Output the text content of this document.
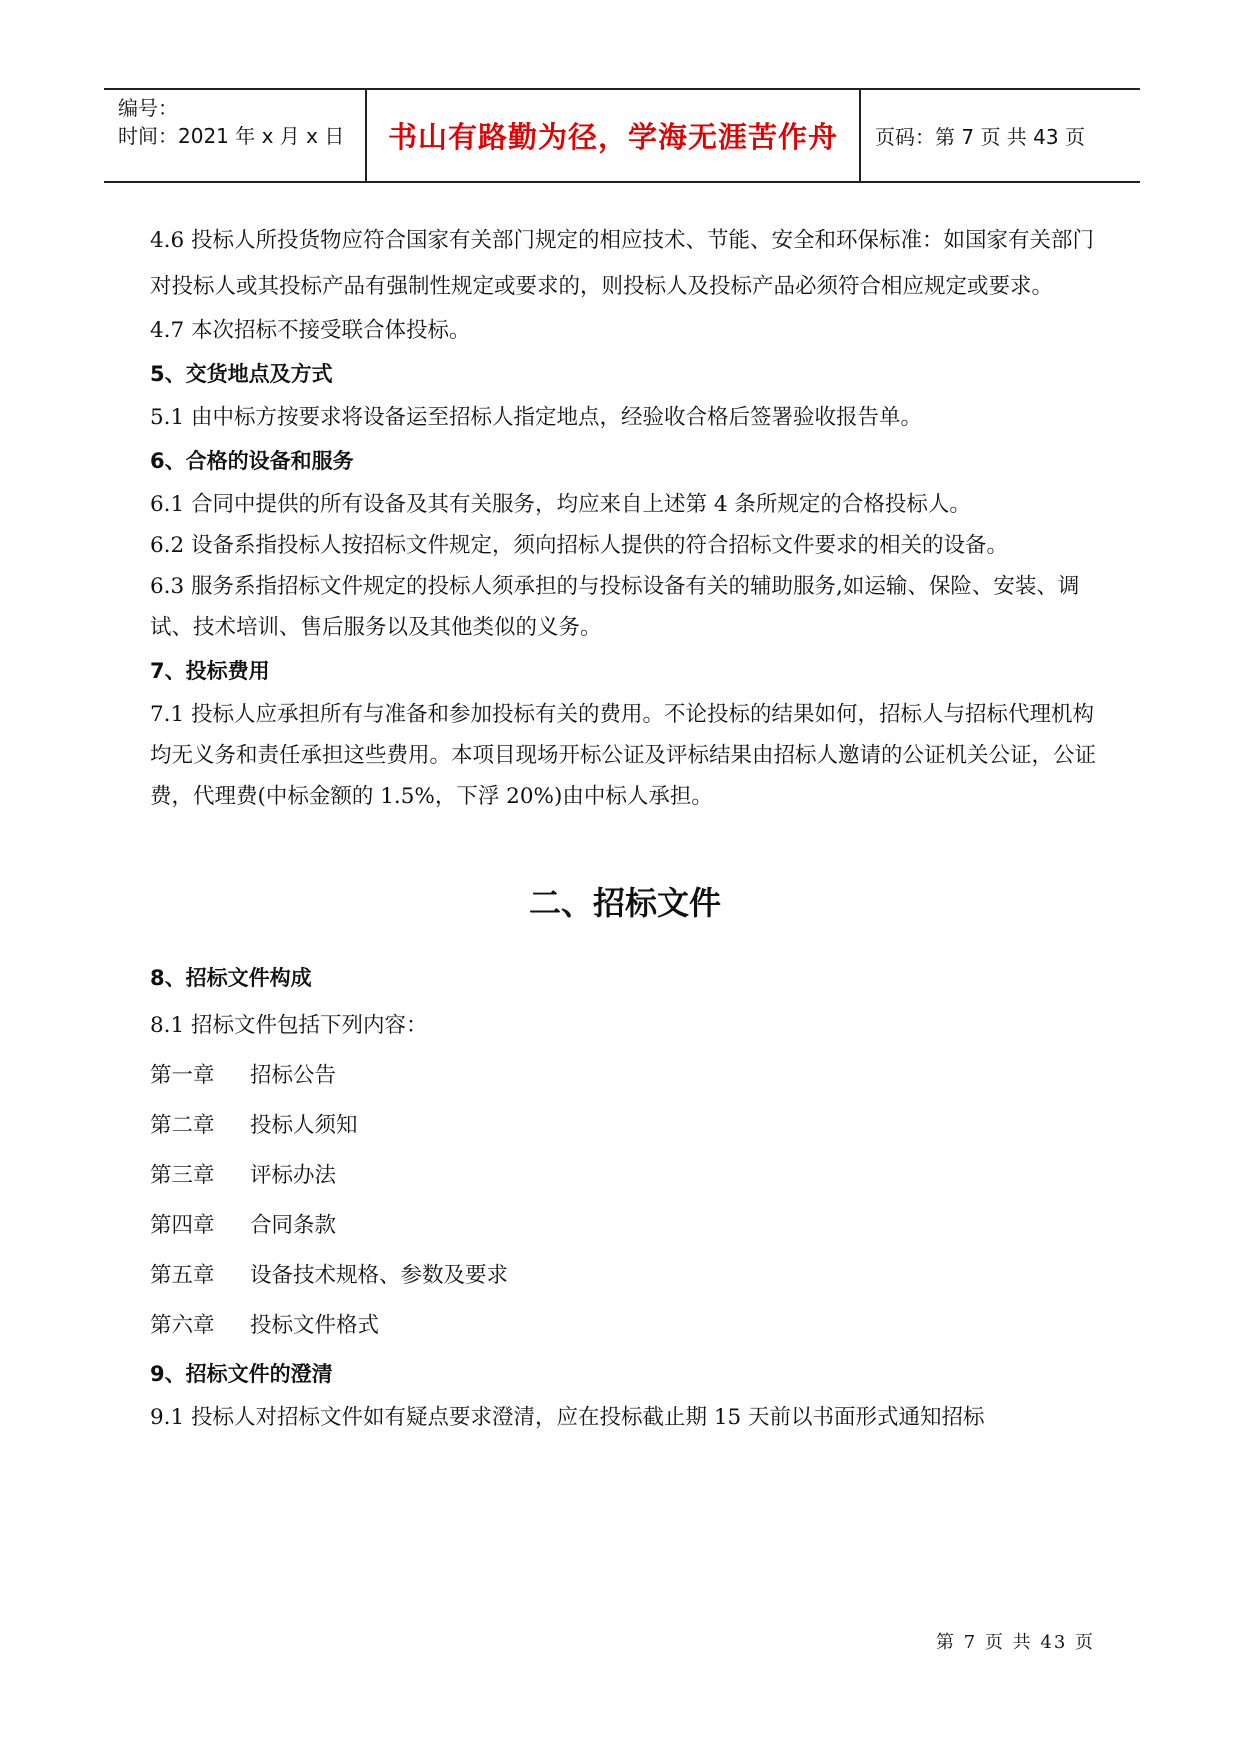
编号：
时间：2021 年 x 月 x 日	书山有路勤为径，学海无涯苦作舟	页码：第 7 页 共 43 页

4.6 投标人所投货物应符合国家有关部门规定的相应技术、节能、安全和环保标准：如国家有关部门对投标人或其投标产品有强制性规定或要求的，则投标人及投标产品必须符合相应规定或要求。

4.7 本次招标不接受联合体投标。

5、交货地点及方式

5.1 由中标方按要求将设备运至招标人指定地点，经验收合格后签署验收报告单。

6、合格的设备和服务

6.1 合同中提供的所有设备及其有关服务，均应来自上述第 4 条所规定的合格投标人。

6.2 设备系指投标人按招标文件规定，须向招标人提供的符合招标文件要求的相关的设备。

6.3 服务系指招标文件规定的投标人须承担的与投标设备有关的辅助服务,如运输、保险、安装、调试、技术培训、售后服务以及其他类似的义务。

7、投标费用

7.1 投标人应承担所有与准备和参加投标有关的费用。不论投标的结果如何，招标人与招标代理机构均无义务和责任承担这些费用。本项目现场开标公证及评标结果由招标人邀请的公证机关公证，公证费，代理费(中标金额的 1.5%，下浮 20%)由中标人承担。

二、招标文件

8、招标文件构成

8.1 招标文件包括下列内容：

第一章 招标公告

第二章 投标人须知

第三章 评标办法

第四章 合同条款

第五章 设备技术规格、参数及要求

第六章 投标文件格式

9、招标文件的澄清

9.1 投标人对招标文件如有疑点要求澄清，应在投标截止期 15 天前以书面形式通知招标

第 7 页 共 43 页
